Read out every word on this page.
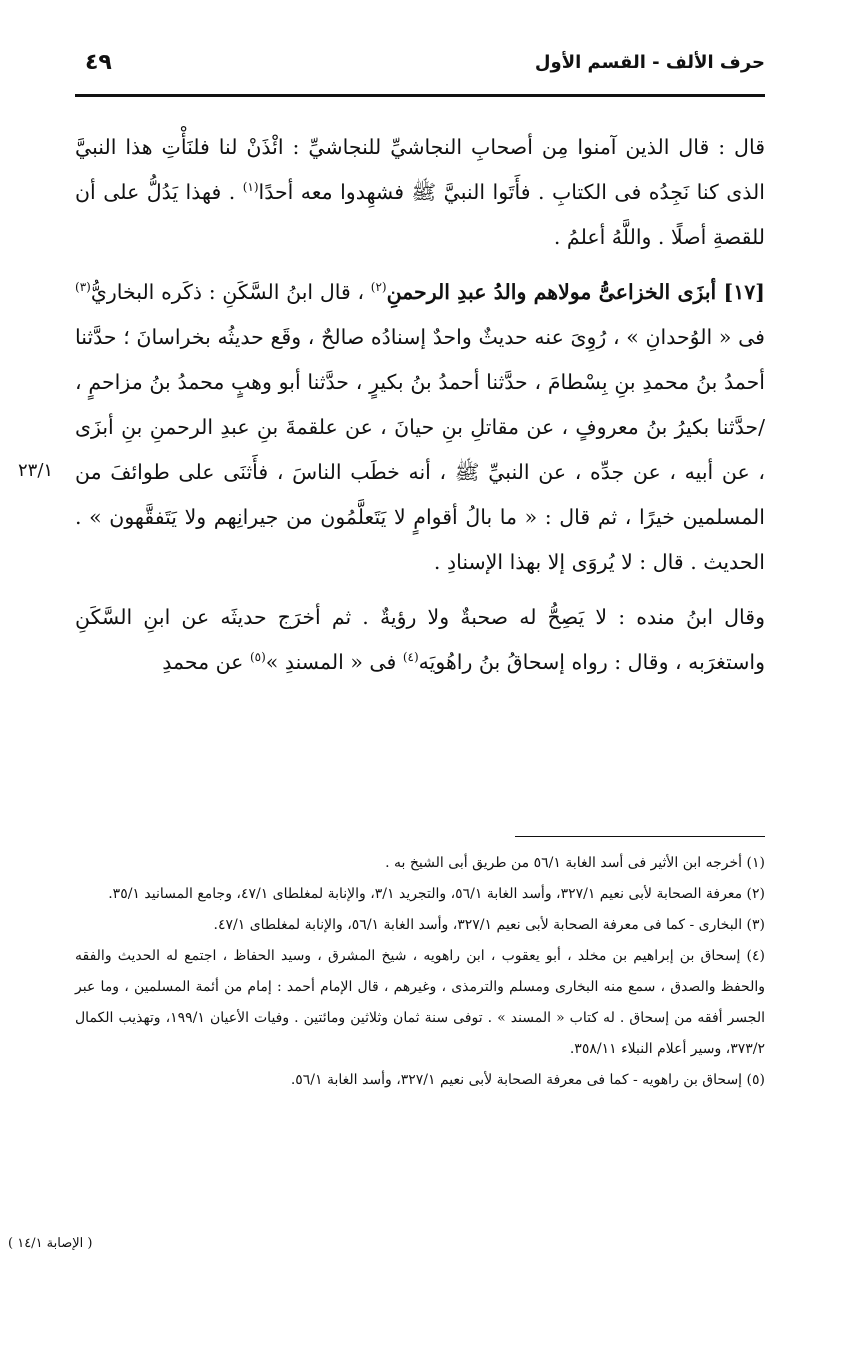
حرف الألف - القسم الأول
٤٩

قال : قال الذين آمنوا مِن أصحابِ النجاشيِّ للنجاشيِّ : ائْذَنْ لنا فلنَأْتِ هذا النبيَّ الذى كنا نَجِدُه فى الكتابِ . فأَتَوا النبيَّ ﷺ فشهِدوا معه أحدًا$^{(١)}$ . فهذا يَدُلُّ على أن للقصةِ أصلًا . واللَّهُ أعلمُ .

[١٧] أبزَى الخزاعىُّ مولاهم والدُ عبدِ الرحمنِ$^{(٢)}$ ، قال ابنُ السَّكَنِ : ذكَره البخاريُّ$^{(٣)}$ فى « الوُحدانِ » ، رُوِىَ عنه حديثٌ واحدٌ إسنادُه صالحٌ ، وقَع حديثُه بخراسانَ ؛ حدَّثنا أحمدُ بنُ محمدِ بنِ بِسْطامَ ، حدَّثنا أحمدُ بنُ بكيرٍ ، حدَّثنا أبو وهبٍ محمدُ بنُ مزاحمٍ ، /حدَّثنا بكيرُ بنُ معروفٍ ، عن مقاتلِ بنِ حيانَ ، عن علقمةَ بنِ عبدِ الرحمنِ بنِ أبزَى ، عن أبيه ، عن جدِّه ، عن النبيِّ ﷺ ، أنه خطَب الناسَ ، فأَثنَى على طوائفَ من المسلمين خيرًا ، ثم قال : « ما بالُ أقوامٍ لا يَتَعلَّمُون من جيرانِهم ولا يَتَفقَّهون » . الحديث . قال : لا يُروَى إلا بهذا الإسنادِ .

وقال ابنُ منده : لا يَصِحُّ له صحبةٌ ولا رؤيةٌ . ثم أخرَج حديثَه عن ابنِ السَّكَنِ واستغرَبه ، وقال : رواه إسحاقُ بنُ راهُويَه$^{(٤)}$ فى « المسندِ »$^{(٥)}$ عن محمدِ

٢٣/١
(١) أخرجه ابن الأثير فى أسد الغابة ٥٦/١ من طريق أبى الشيخ به .
(٢) معرفة الصحابة لأبى نعيم ٣٢٧/١، وأسد الغابة ٥٦/١، والتجريد ٣/١، والإنابة لمغلطاى ٤٧/١، وجامع المسانيد ٣٥/١.
(٣) البخارى - كما فى معرفة الصحابة لأبى نعيم ٣٢٧/١، وأسد الغابة ٥٦/١، والإنابة لمغلطاى ٤٧/١.
(٤) إسحاق بن إبراهيم بن مخلد ، أبو يعقوب ، ابن راهويه ، شيخ المشرق ، وسيد الحفاظ ، اجتمع له الحديث والفقه والحفظ والصدق ، سمع منه البخارى ومسلم والترمذى ، وغيرهم ، قال الإمام أحمد : إمام من أئمة المسلمين ، وما عبر الجسر أفقه من إسحاق . له كتاب « المسند » . توفى سنة ثمان وثلاثين ومائتين . وفيات الأعيان ١٩٩/١، وتهذيب الكمال ٣٧٣/٢، وسير أعلام النبلاء ٣٥٨/١١.
(٥) إسحاق بن راهويه - كما فى معرفة الصحابة لأبى نعيم ٣٢٧/١، وأسد الغابة ٥٦/١.
( الإصابة ١٤/١ )
